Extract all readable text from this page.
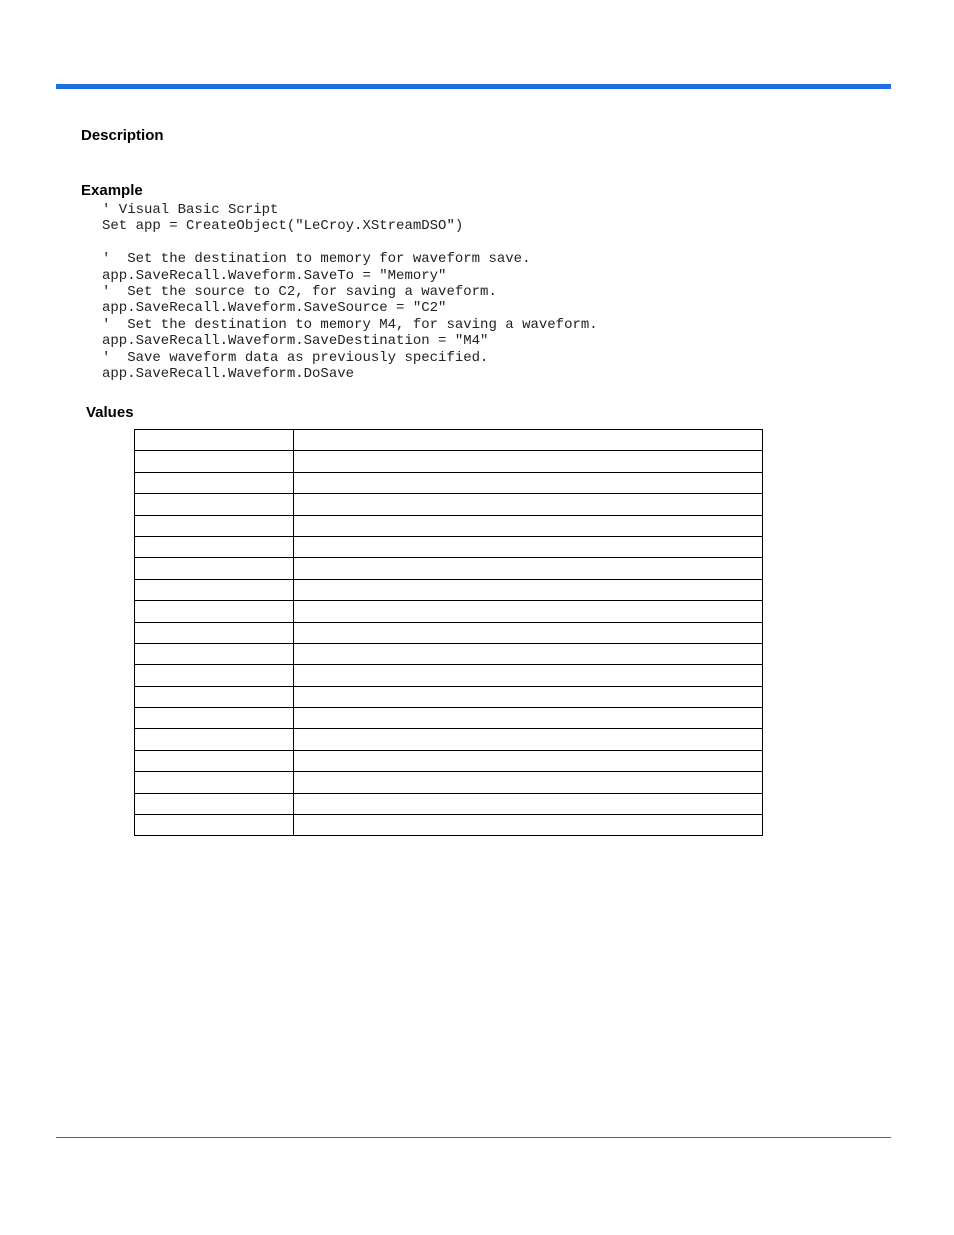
Description
Example
' Visual Basic Script
Set app = CreateObject("LeCroy.XStreamDSO")
'  Set the destination to memory for waveform save.
app.SaveRecall.Waveform.SaveTo = "Memory"
'  Set the source to C2, for saving a waveform.
app.SaveRecall.Waveform.SaveSource = "C2"
'  Set the destination to memory M4, for saving a waveform.
app.SaveRecall.Waveform.SaveDestination = "M4"
'  Save waveform data as previously specified.
app.SaveRecall.Waveform.DoSave
Values
